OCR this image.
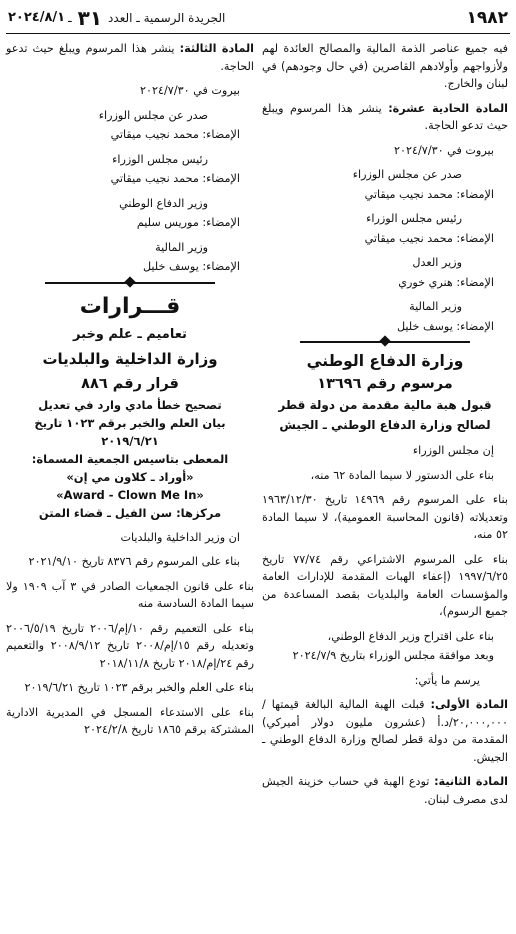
١٩٨٢
الجريدة الرسمية ـ العدد
٣١
ـ
٢٠٢٤/٨/١

فيه جميع عناصر الذمة المالية والمصالح العائدة لهم ولأزواجهم وأولادهم القاصرين (في حال وجودهم) في لبنان والخارج.

المادة الحادية عشرة: ينشر هذا المرسوم ويبلغ حيث تدعو الحاجة.

بيروت في ٢٠٢٤/٧/٣٠

صدر عن مجلس الوزراء

الإمضاء: محمد نجيب ميقاتي

رئيس مجلس الوزراء

الإمضاء: محمد نجيب ميقاتي

وزير العدل

الإمضاء: هنري خوري

وزير المالية

الإمضاء: يوسف خليل

وزارة الدفاع الوطني
مرسوم رقم ١٣٦٩٦
قبول هبة مالية مقدمة من دولة قطر لصالح وزارة الدفاع الوطني ـ الجيش

إن مجلس الوزراء

بناء على الدستور لا سيما المادة ٦٢ منه،

بناء على المرسوم رقم ١٤٩٦٩ تاريخ ١٩٦٣/١٢/٣٠ وتعديلاته (قانون المحاسبة العمومية)، لا سيما المادة ٥٢ منه،

بناء على المرسوم الاشتراعي رقم ٧٧/٧٤ تاريخ ١٩٩٧/٦/٢٥ (إعفاء الهبات المقدمة للإدارات العامة والمؤسسات العامة والبلديات بقصد المساعدة من جميع الرسوم)،

بناء على اقتراح وزير الدفاع الوطني،

وبعد موافقة مجلس الوزراء بتاريخ ٢٠٢٤/٧/٩

يرسم ما يأتي:

المادة الأولى: قبلت الهبة المالية البالغة قيمتها /٢٠,٠٠٠,٠٠٠/د.أ (عشرون مليون دولار أميركي) المقدمة من دولة قطر لصالح وزارة الدفاع الوطني ـ الجيش.

المادة الثانية: تودع الهبة في حساب خزينة الجيش لدى مصرف لبنان.

المادة الثالثة: ينشر هذا المرسوم ويبلغ حيث تدعو الحاجة.

بيروت في ٢٠٢٤/٧/٣٠

صدر عن مجلس الوزراء

الإمضاء: محمد نجيب ميقاتي

رئيس مجلس الوزراء

الإمضاء: محمد نجيب ميقاتي

وزير الدفاع الوطني

الإمضاء: موريس سليم

وزير المالية

الإمضاء: يوسف خليل

قـــرارات
تعاميم ـ علم وخبر
وزارة الداخلية والبلديات
قرار رقم ٨٨٦
تصحيح خطأ مادي وارد في تعديل
بيان العلم والخبر برقم ١٠٢٣ تاريخ ٢٠١٩/٦/٢١
المعطى بتاسيس الجمعية المسماة:
«أوراد ـ كلاون مي إن»
«Award - Clown Me In»
مركزها: سن الفيل ـ قضاء المتن

ان وزير الداخلية والبلديات

بناء على المرسوم رقم ٨٣٧٦ تاريخ ٢٠٢١/٩/١٠

بناء على قانون الجمعيات الصادر في ٣ آب ١٩٠٩ ولا سيما المادة السادسة منه

بناء على التعميم رقم ١٠/إم/٢٠٠٦ تاريخ ٢٠٠٦/٥/١٩ وتعديله رقم ١٥/إم/٢٠٠٨ تاريخ ٢٠٠٨/٩/١٢ والتعميم رقم ٢٤/إم/٢٠١٨ تاريخ ٢٠١٨/١١/٨

بناء على العلم والخبر برقم ١٠٢٣ تاريخ ٢٠١٩/٦/٢١

بناء على الاستدعاء المسجل في المديرية الادارية المشتركة برقم ١٨٦٥ تاريخ ٢٠٢٤/٢/٨
